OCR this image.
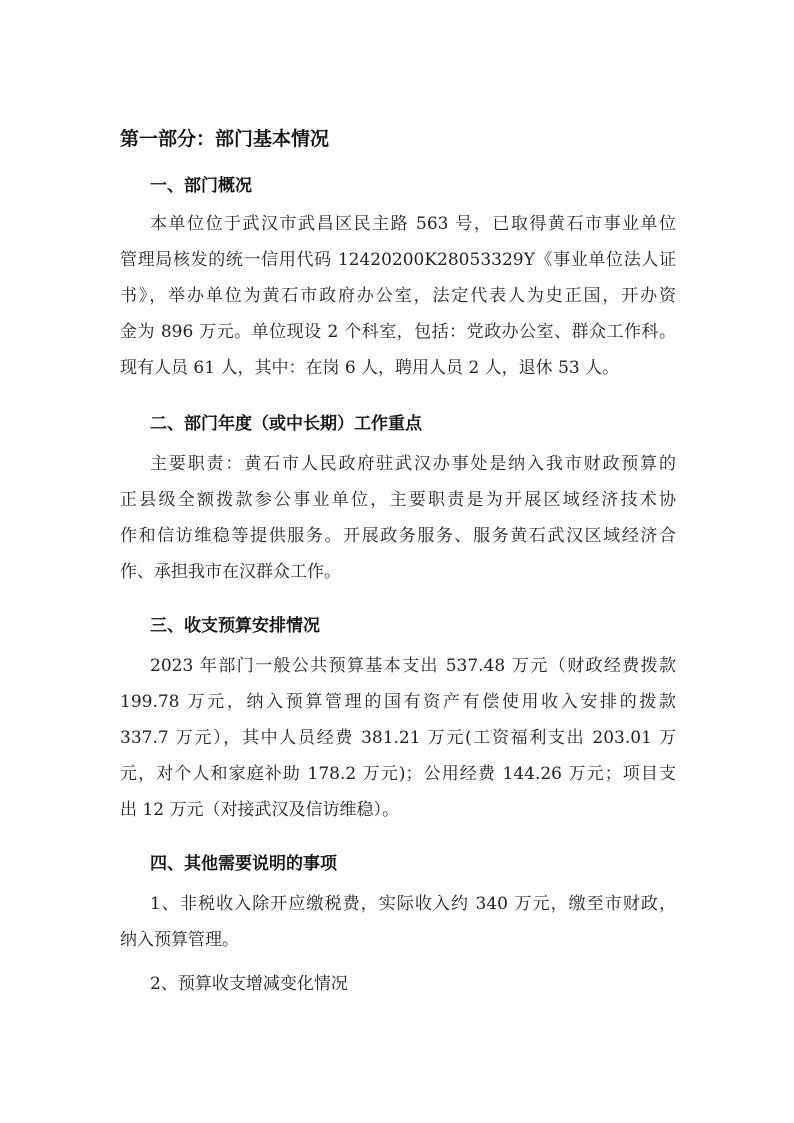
第一部分：部门基本情况
一、部门概况

本单位位于武汉市武昌区民主路 563 号，已取得黄石市事业单位
管理局核发的统一信用代码 12420200K28053329Y《事业单位法人证
书》，举办单位为黄石市政府办公室，法定代表人为史正国，开办资
金为 896 万元。单位现设 2 个科室，包括：党政办公室、群众工作科。
现有人员 61 人，其中：在岗 6 人，聘用人员 2 人，退休 53 人。

二、部门年度（或中长期）工作重点

主要职责：黄石市人民政府驻武汉办事处是纳入我市财政预算的
正县级全额拨款参公事业单位，主要职责是为开展区域经济技术协
作和信访维稳等提供服务。开展政务服务、服务黄石武汉区域经济合
作、承担我市在汉群众工作。

三、收支预算安排情况

2023 年部门一般公共预算基本支出 537.48 万元（财政经费拨款
199.78 万元，纳入预算管理的国有资产有偿使用收入安排的拨款
337.7 万元），其中人员经费 381.21 万元(工资福利支出 203.01 万
元，对个人和家庭补助 178.2 万元)；公用经费 144.26 万元；项目支
出 12 万元（对接武汉及信访维稳）。

四、其他需要说明的事项

1、非税收入除开应缴税费，实际收入约 340 万元，缴至市财政，
纳入预算管理。

2、预算收支增减变化情况
